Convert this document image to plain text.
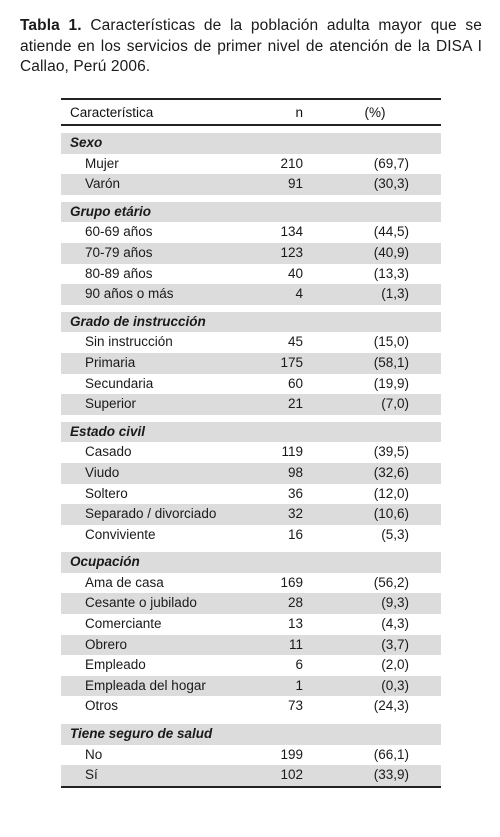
Tabla 1. Características de la población adulta mayor que se atiende en los servicios de primer nivel de atención de la DISA I Callao, Perú 2006.
Característica	n	(%)

Sexo		
Mujer	210	(69,7)
Varón	91	(30,3)

Grupo etário		
60-69 años	134	(44,5)
70-79 años	123	(40,9)
80-89 años	40	(13,3)
90 años o más	4	(1,3)

Grado de instrucción		
Sin instrucción	45	(15,0)
Primaria	175	(58,1)
Secundaria	60	(19,9)
Superior	21	(7,0)

Estado civil		
Casado	119	(39,5)
Viudo	98	(32,6)
Soltero	36	(12,0)
Separado / divorciado	32	(10,6)
Conviviente	16	(5,3)

Ocupación		
Ama de casa	169	(56,2)
Cesante o jubilado	28	(9,3)
Comerciante	13	(4,3)
Obrero	11	(3,7)
Empleado	6	(2,0)
Empleada del hogar	1	(0,3)
Otros	73	(24,3)

Tiene seguro de salud		
No	199	(66,1)
Sí	102	(33,9)
